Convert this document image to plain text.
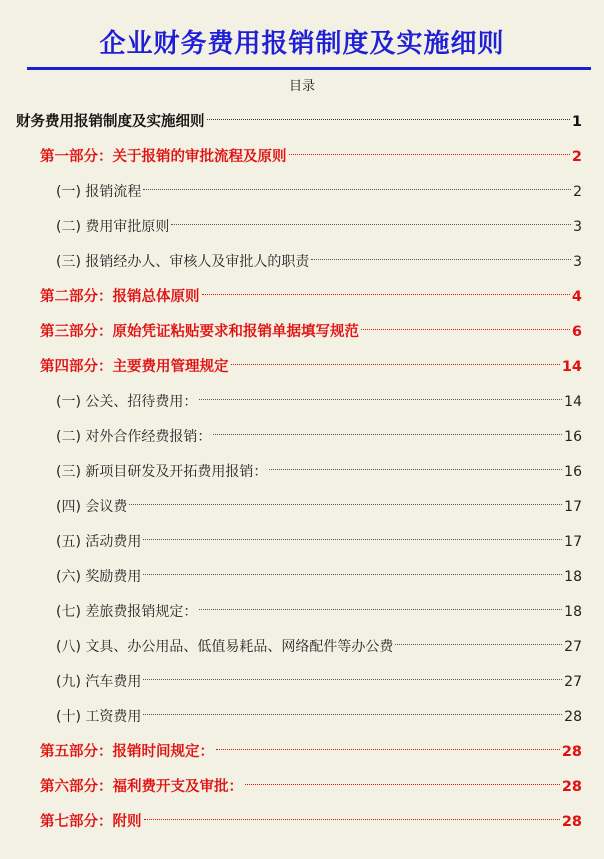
企业财务费用报销制度及实施细则
目录
财务费用报销制度及实施细则	1
第一部分：关于报销的审批流程及原则	2
(一) 报销流程	2
(二) 费用审批原则	3
(三) 报销经办人、审核人及审批人的职责	3
第二部分：报销总体原则	4
第三部分：原始凭证粘贴要求和报销单据填写规范	6
第四部分：主要费用管理规定	14
(一) 公关、招待费用：	14
(二) 对外合作经费报销：	16
(三) 新项目研发及开拓费用报销：	16
(四) 会议费	17
(五) 活动费用	17
(六) 奖励费用	18
(七) 差旅费报销规定：	18
(八) 文具、办公用品、低值易耗品、网络配件等办公费	27
(九) 汽车费用	27
(十) 工资费用	28
第五部分：报销时间规定：	28
第六部分：福利费开支及审批：	28
第七部分：附则	28
